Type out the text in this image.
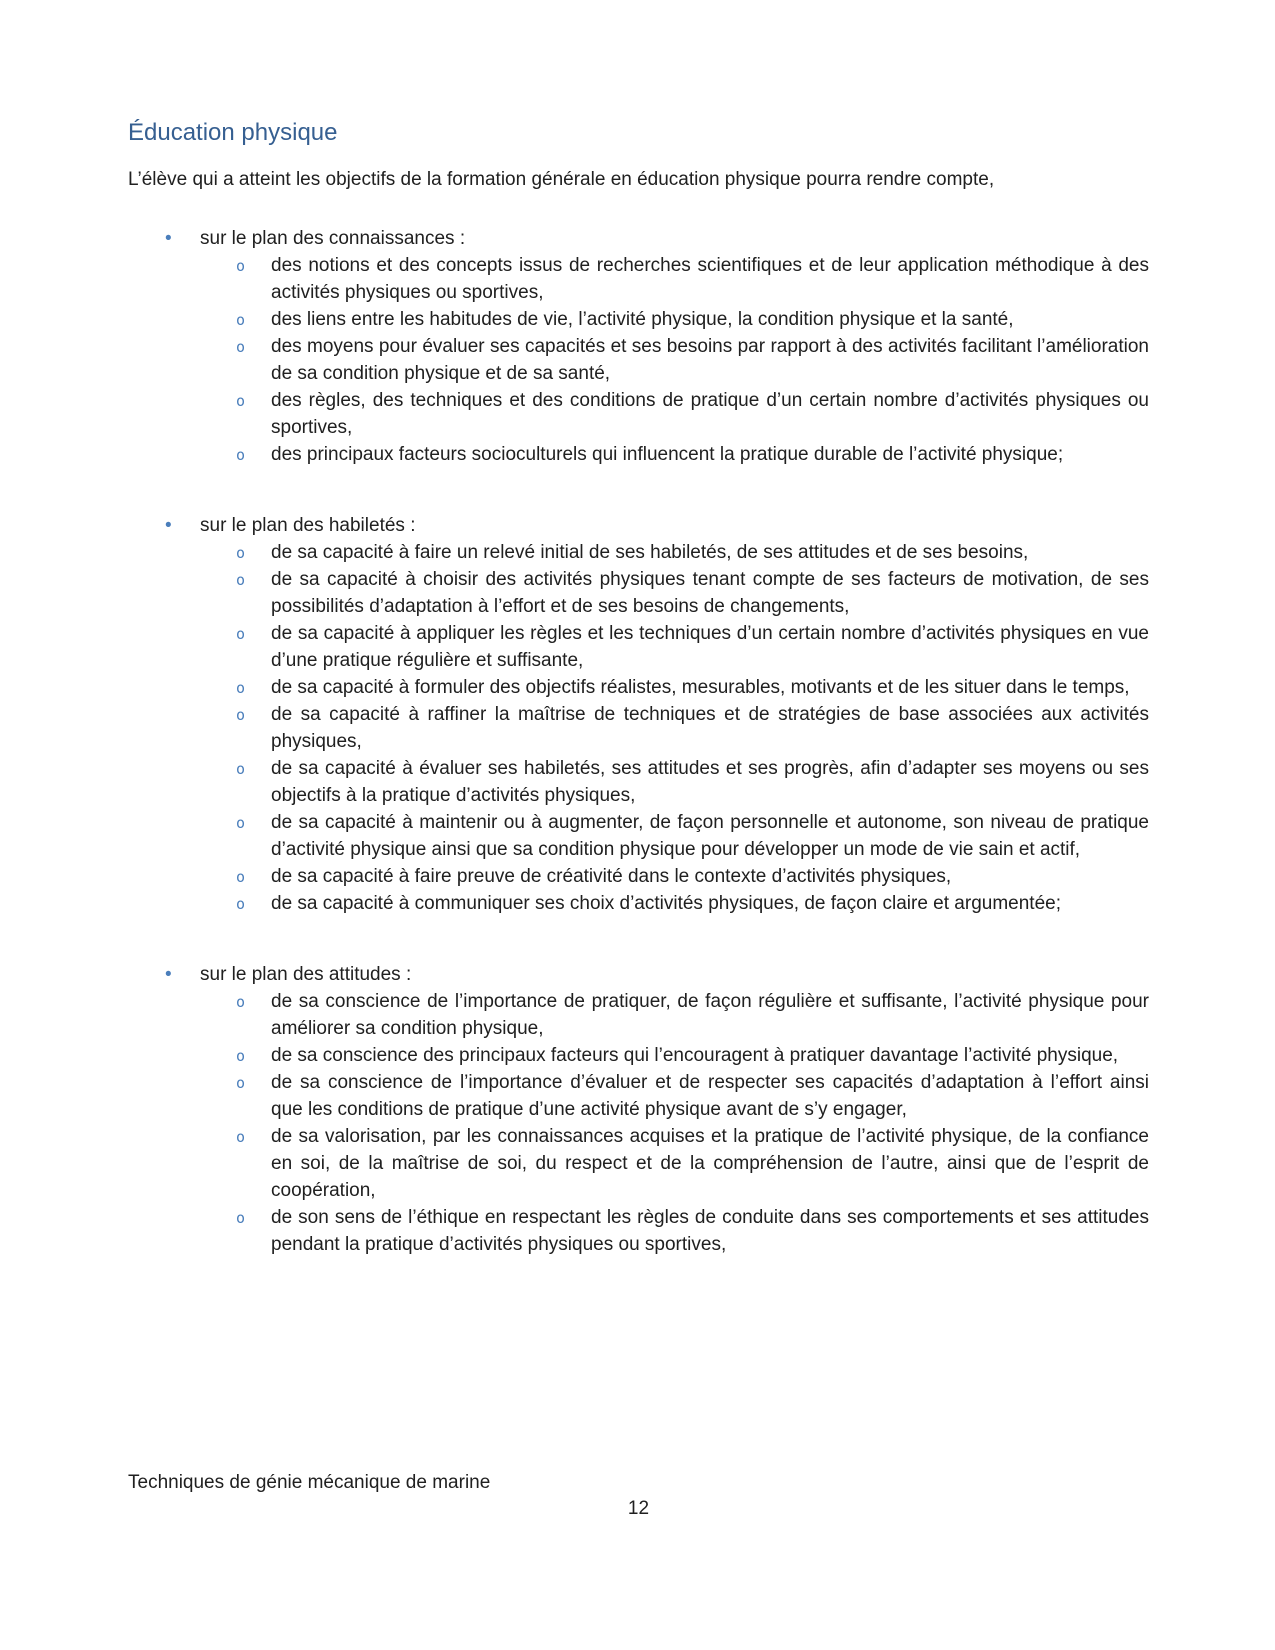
Éducation physique

L’élève qui a atteint les objectifs de la formation générale en éducation physique pourra rendre compte,

• sur le plan des connaissances :
o des notions et des concepts issus de recherches scientifiques et de leur application méthodique à des activités physiques ou sportives,
o des liens entre les habitudes de vie, l’activité physique, la condition physique et la santé,
o des moyens pour évaluer ses capacités et ses besoins par rapport à des activités facilitant l’amélioration de sa condition physique et de sa santé,
o des règles, des techniques et des conditions de pratique d’un certain nombre d’activités physiques ou sportives,
o des principaux facteurs socioculturels qui influencent la pratique durable de l’activité physique;
• sur le plan des habiletés :
o de sa capacité à faire un relevé initial de ses habiletés, de ses attitudes et de ses besoins,
o de sa capacité à choisir des activités physiques tenant compte de ses facteurs de motivation, de ses possibilités d’adaptation à l’effort et de ses besoins de changements,
o de sa capacité à appliquer les règles et les techniques d’un certain nombre d’activités physiques en vue d’une pratique régulière et suffisante,
o de sa capacité à formuler des objectifs réalistes, mesurables, motivants et de les situer dans le temps,
o de sa capacité à raffiner la maîtrise de techniques et de stratégies de base associées aux activités physiques,
o de sa capacité à évaluer ses habiletés, ses attitudes et ses progrès, afin d’adapter ses moyens ou ses objectifs à la pratique d’activités physiques,
o de sa capacité à maintenir ou à augmenter, de façon personnelle et autonome, son niveau de pratique d’activité physique ainsi que sa condition physique pour développer un mode de vie sain et actif,
o de sa capacité à faire preuve de créativité dans le contexte d’activités physiques,
o de sa capacité à communiquer ses choix d’activités physiques, de façon claire et argumentée;
• sur le plan des attitudes :
o de sa conscience de l’importance de pratiquer, de façon régulière et suffisante, l’activité physique pour améliorer sa condition physique,
o de sa conscience des principaux facteurs qui l’encouragent à pratiquer davantage l’activité physique,
o de sa conscience de l’importance d’évaluer et de respecter ses capacités d’adaptation à l’effort ainsi que les conditions de pratique d’une activité physique avant de s’y engager,
o de sa valorisation, par les connaissances acquises et la pratique de l’activité physique, de la confiance en soi, de la maîtrise de soi, du respect et de la compréhension de l’autre, ainsi que de l’esprit de coopération,
o de son sens de l’éthique en respectant les règles de conduite dans ses comportements et ses attitudes pendant la pratique d’activités physiques ou sportives,
Techniques de génie mécanique de marine
12
